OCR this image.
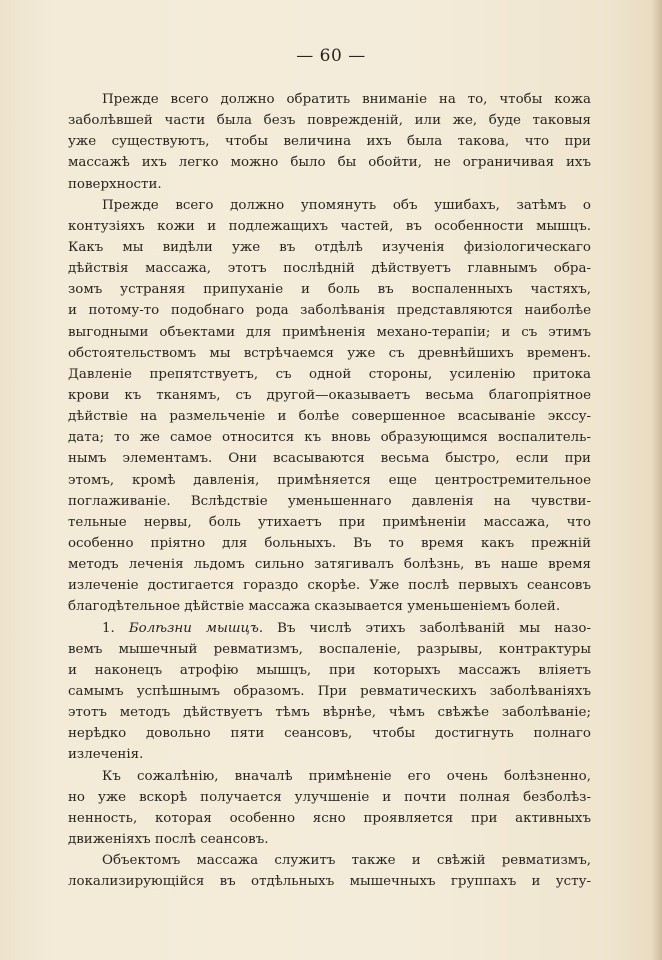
— 60 —
Прежде всего должно обратить вниманіе на то, чтобы кожа
заболѣвшей части была безъ поврежденій, или же, буде таковыя
уже существуютъ, чтобы величина ихъ была такова, что при
массажѣ ихъ легко можно было бы обойти, не ограничивая ихъ
поверхности.
Прежде всего должно упомянуть объ ушибахъ, затѣмъ о
контузіяхъ кожи и подлежащихъ частей, въ особенности мышцъ.
Какъ мы видѣли уже въ отдѣлѣ изученія физіологическаго
дѣйствія массажа, этотъ послѣдній дѣйствуетъ главнымъ обра-
зомъ устраняя припуханіе и боль въ воспаленныхъ частяхъ,
и потому-то подобнаго рода заболѣванія представляются наиболѣе
выгодными объектами для примѣненія механо-терапіи; и съ этимъ
обстоятельствомъ мы встрѣчаемся уже съ древнѣйшихъ временъ.
Давленіе препятствуетъ, съ одной стороны, усиленію притока
крови къ тканямъ, съ другой—оказываетъ весьма благопріятное
дѣйствіе на размельченіе и болѣе совершенное всасываніе экссу-
дата; то же самое относится къ вновь образующимся воспалитель-
нымъ элементамъ. Они всасываются весьма быстро, если при
этомъ, кромѣ давленія, примѣняется еще центростремительное
поглаживаніе. Вслѣдствіе уменьшеннаго давленія на чувстви-
тельные нервы, боль утихаетъ при примѣненіи массажа, что
особенно пріятно для больныхъ. Въ то время какъ прежній
методъ леченія льдомъ сильно затягивалъ болѣзнь, въ наше время
излеченіе достигается гораздо скорѣе. Уже послѣ первыхъ сеансовъ
благодѣтельное дѣйствіе массажа сказывается уменьшеніемъ болей.
1. Болѣзни мышцъ. Въ числѣ этихъ заболѣваній мы назо-
вемъ мышечный ревматизмъ, воспаленіе, разрывы, контрактуры
и наконецъ атрофію мышцъ, при которыхъ массажъ вліяетъ
самымъ успѣшнымъ образомъ. При ревматическихъ заболѣваніяхъ
этотъ методъ дѣйствуетъ тѣмъ вѣрнѣе, чѣмъ свѣжѣе заболѣваніе;
нерѣдко довольно пяти сеансовъ, чтобы достигнуть полнаго
излеченія.
Къ сожалѣнію, вначалѣ примѣненіе его очень болѣзненно,
но уже вскорѣ получается улучшеніе и почти полная безболѣз-
ненность, которая особенно ясно проявляется при активныхъ
движеніяхъ послѣ сеансовъ.
Объектомъ массажа служитъ также и свѣжій ревматизмъ,
локализирующійся въ отдѣльныхъ мышечныхъ группахъ и усту-
